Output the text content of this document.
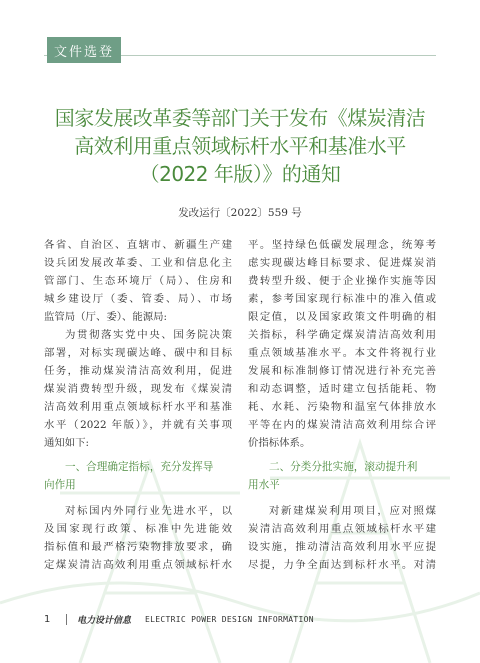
文件选登
国家发展改革委等部门关于发布《煤炭清洁
高效利用重点领域标杆水平和基准水平
（2022 年版）》的通知
发改运行〔2022〕559 号
各省、自治区、直辖市、新疆生产建
设兵团发展改革委、工业和信息化主
管部门、生态环境厅（局）、住房和
城乡建设厅（委、管委、局）、市场
监管局（厅、委）、能源局:
为贯彻落实党中央、国务院决策
部署，对标实现碳达峰、碳中和目标
任务，推动煤炭清洁高效利用，促进
煤炭消费转型升级，现发布《煤炭清
洁高效利用重点领域标杆水平和基准
水平（2022 年版）》，并就有关事项
通知如下:
一、合理确定指标，充分发挥导
向作用
对标国内外同行业先进水平，以
及国家现行政策、标准中先进能效
指标值和最严格污染物排放要求，确
定煤炭清洁高效利用重点领域标杆水
平。坚持绿色低碳发展理念，统筹考
虑实现碳达峰目标要求、促进煤炭消
费转型升级、便于企业操作实施等因
素，参考国家现行标准中的准入值或
限定值，以及国家政策文件明确的相
关指标，科学确定煤炭清洁高效利用
重点领域基准水平。本文件将视行业
发展和标准制修订情况进行补充完善
和动态调整，适时建立包括能耗、物
耗、水耗、污染物和温室气体排放水
平等在内的煤炭清洁高效利用综合评
价指标体系。
二、分类分批实施，滚动提升利
用水平
对新建煤炭利用项目，应对照煤
炭清洁高效利用重点领域标杆水平建
设实施，推动清洁高效利用水平应提
尽提，力争全面达到标杆水平。对清
1	电力设计信息 ELECTRIC POWER DESIGN INFORMATION
